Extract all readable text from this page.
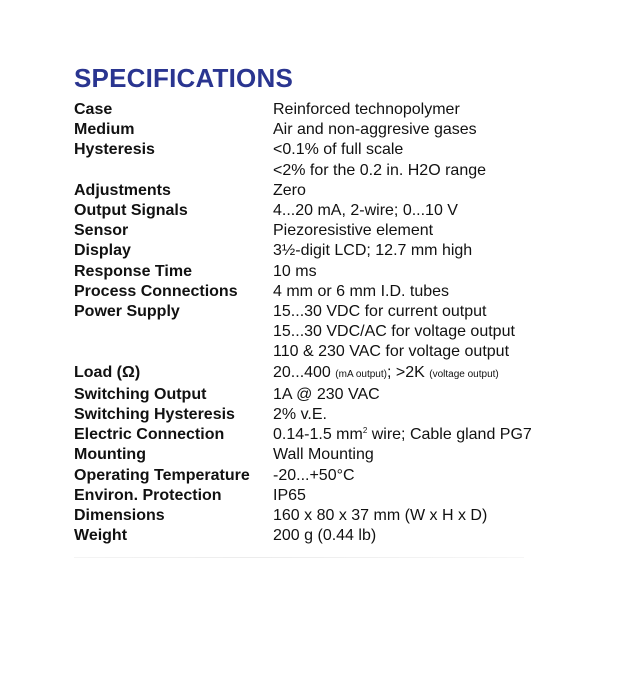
SPECIFICATIONS
Case	Reinforced technopolymer
Medium	Air and non-aggresive gases
Hysteresis	<0.1% of full scale
<2% for the 0.2 in. H2O range
Adjustments	Zero
Output Signals	4...20 mA, 2-wire; 0...10 V
Sensor	Piezoresistive element
Display	3½-digit LCD; 12.7 mm high
Response Time	10 ms
Process Connections	4 mm or 6 mm I.D. tubes
Power Supply	15...30 VDC for current output
15...30 VDC/AC for voltage output
110 & 230 VAC for voltage output
Load (Ω)	20...400 (mA output); >2K (voltage output)
Switching Output	1A @ 230 VAC
Switching Hysteresis	2% v.E.
Electric Connection	0.14-1.5 $mm^2$ wire; Cable gland PG7
Mounting	Wall Mounting
Operating Temperature	-20...+50°C
Environ. Protection	IP65
Dimensions	160 x 80 x 37 mm (W x H x D)
Weight	200 g (0.44 lb)
